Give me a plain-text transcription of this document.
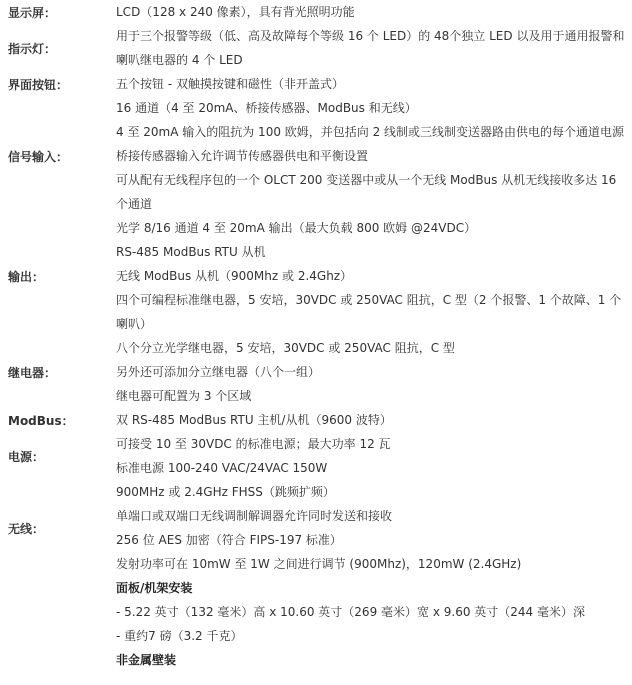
显示屏：	LCD（128 x 240 像素），具有背光照明功能

指示灯：	用于三个报警等级（低、高及故障每个等级 16 个 LED）的 48个独立 LED 以及用于通用报警和喇叭继电器的 4 个 LED

界面按钮：	五个按钮 - 双触摸按键和磁性（非开盖式）

信号输入：	16 通道（4 至 20mA、桥接传感器、ModBus 和无线）
4 至 20mA 输入的阻抗为 100 欧姆，并包括向 2 线制或三线制变送器路由供电的每个通道电源
桥接传感器输入允许调节传感器供电和平衡设置
可从配有无线程序包的一个 OLCT 200 变送器中或从一个无线 ModBus 从机无线接收多达 16 个通道

输出：	光学 8/16 通道 4 至 20mA 输出（最大负载 800 欧姆 @24VDC）
RS-485 ModBus RTU 从机
无线 ModBus 从机（900Mhz 或 2.4Ghz）
四个可编程标准继电器，5 安培，30VDC 或 250VAC 阻抗，C 型（2 个报警、1 个故障、1 个喇叭）

继电器：	八个分立光学继电器，5 安培，30VDC 或 250VAC 阻抗，C 型
另外还可添加分立继电器（八个一组）
继电器可配置为 3 个区域

ModBus：	双 RS-485 ModBus RTU 主机/从机（9600 波特）

电源：	可接受 10 至 30VDC 的标准电源；最大功率 12 瓦
标准电源 100-240 VAC/24VAC 150W

无线：	900MHz 或 2.4GHz FHSS（跳频扩频）
单端口或双端口无线调制解调器允许同时发送和接收
256 位 AES 加密（符合 FIPS-197 标准）
发射功率可在 10mW 至 1W 之间进行调节 (900Mhz)，120mW (2.4GHz)

	面板/机架安装
- 5.22 英寸（132 毫米）高 x 10.60 英寸（269 毫米）宽 x 9.60 英寸（244 毫米）深
- 重约7 磅（3.2 千克）
非金属壁装
